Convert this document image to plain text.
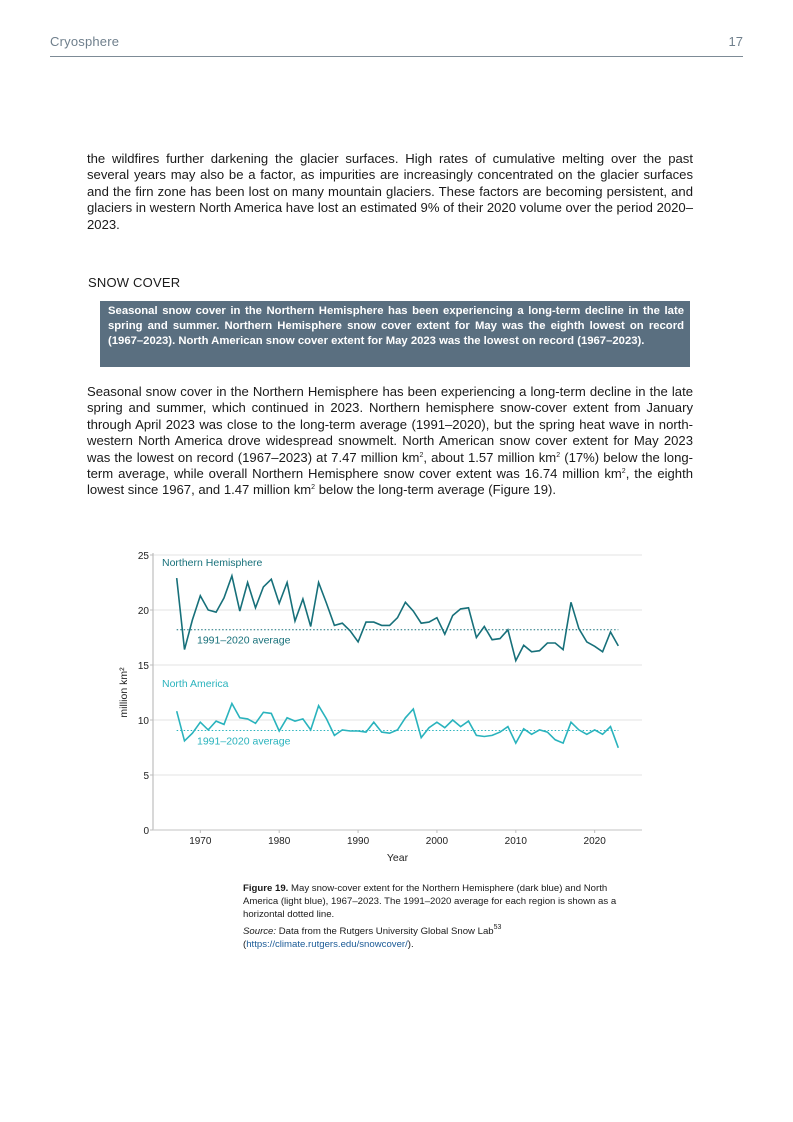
Cryosphere	17

the wildfires further darkening the glacier surfaces. High rates of cumulative melting over the past several years may also be a factor, as impurities are increasingly concentrated on the glacier surfaces and the firn zone has been lost on many mountain glaciers. These factors are becoming persistent, and glaciers in western North America have lost an estimated 9% of their 2020 volume over the period 2020–2023.

SNOW COVER
Seasonal snow cover in the Northern Hemisphere has been experiencing a long-term decline in the late spring and summer. Northern Hemisphere snow cover extent for May was the eighth lowest on record (1967–2023). North American snow cover extent for May 2023 was the lowest on record (1967–2023).

Seasonal snow cover in the Northern Hemisphere has been experiencing a long-term decline in the late spring and summer, which continued in 2023. Northern hemisphere snow-cover extent from January through April 2023 was close to the long-term average (1991–2020), but the spring heat wave in north-western North America drove widespread snowmelt. North American snow cover extent for May 2023 was the lowest on record (1967–2023) at 7.47 million $km^2$, about 1.57 million $km^2$ (17%) below the long-term average, while overall Northern Hemisphere snow cover extent was 16.74 million $km^2$, the eighth lowest since 1967, and 1.47 million $km^2$ below the long-term average (Figure 19).

1970	1980	1990	2000	2010	2020
0
5
10
15
20
25
Northern Hemisphere
1991–2020 average
North America
1991–2020 average
Year
million km²

Figure 19. May snow-cover extent for the Northern Hemisphere (dark blue) and North America (light blue), 1967–2023. The 1991–2020 average for each region is shown as a horizontal dotted line.

Source: Data from the Rutgers University Global Snow Lab$^{53}$
(https://climate.rutgers.edu/snowcover/).
